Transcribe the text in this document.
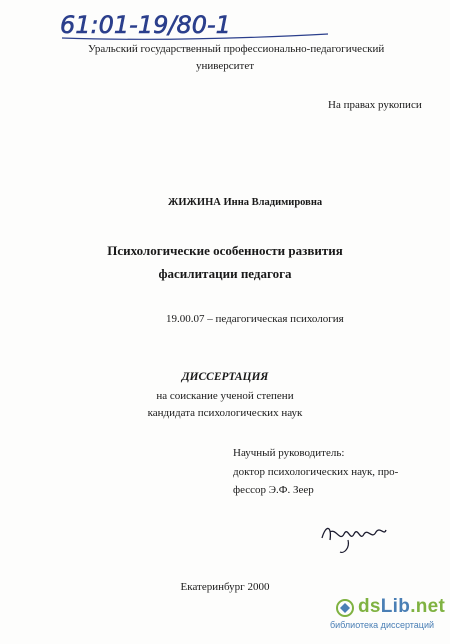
61:01-19/80-1
Уральский государственный профессионально-педагогический
университет
На правах рукописи
ЖИЖИНА Инна Владимировна
Психологические особенности развития
фасилитации педагога
19.00.07 – педагогическая психология
ДИССЕРТАЦИЯ
на соискание ученой степени
кандидата психологических наук
Научный руководитель:
доктор психологических наук, про-
фессор Э.Ф. Зеер
Екатеринбург 2000
dsLib.net
библиотека диссертаций
